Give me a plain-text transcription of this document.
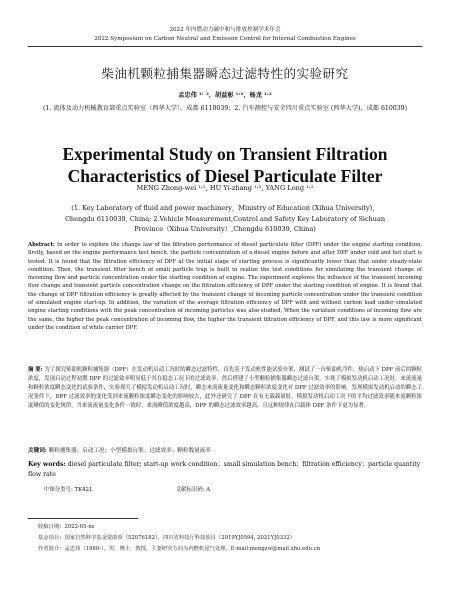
2022 年内燃动力碳中和与排放控制学术年会
2022 Symposium on Carbon Neutral and Emission Control for Internal Combustion Engines
柴油机颗粒捕集器瞬态过滤特性的实验研究
孟忠伟 ¹˒ ²，胡益彰 ¹˒²，杨龙 ¹˒²
(1. 流体及动力机械教育部重点实验室（西华大学），成都 6110039；2. 汽车测控与安全四川重点实验室 (西华大学)，成都 610039)
Experimental Study on Transient Filtration Characteristics of Diesel Particulate Filter
MENG Zhong-wei ¹˒², HU Yi-zhang ¹˒², YANG Long ¹˒²
(1. Key Laboratory of fluid and power machinery，Ministry of Education (Xihua University)，
Chengdu 6110039, China; 2.Vehicle Measurement,Control and Safety Key Laboratory of Sichuan
Province（Xihua University）,Chengdu 610039, China)
Abstract: In order to explore the change law of the filtration performance of diesel particulate filter (DPF) under the engine starting condition, firstly, based on the engine performance test bench, the particle concentration of a diesel engine before and after DPF under cold and hot start is tested. It is found that the filtration efficiency of DPF at the initial stage of starting process is significantly lower than that under steady-state condition. Then, the transient filter bench of small particle trap is built to realize the test conditions for simulating the transient change of incoming flow and particle concentration under the starting condition of engine. The experiment explores the influence of the transient incoming flow change and transient particle concentration change on the filtration efficiency of DPF under the starting condition of engine. It is found that the change of DPF filtration efficiency is greatly affected by the transient change of incoming particle concentration under the transient condition of simulated engine start-up. In addition, the variation of the average filtration efficiency of DPF with and without carbon load under simulated engine starting conditions with the peak concentration of incoming particles was also studied, When the variation conditions of incoming flow are the same, the higher the peak concentration of incoming flow, the higher the transient filtration efficiency of DPF, and this law is more significant under the condition of white carrier DPF.
摘 要: 为了探究柴油机颗粒捕集器（DPF）在发动机启动工况时的瞬态过滤特性，首先基于发动机性能试验台架，测试了一台柴油机冷件，热启动下 DPF 前后的颗粒浓度，发现启动过程初期 DPF 的过滤效率明显低于其在稳态工况下的过滤效率。然后搭建了小型颗粒捕集器瞬态过滤台架，实现了模拟发动机启动工况时，来流流量和颗粒浓度瞬态变化的试验条件，实验探究了模拟发动机启动工况时，瞬态来流流量变化和瞬态颗粒浓度变化对 DPF 过滤效率的影响。发现模拟发动机启动的瞬态工况条件下，DPF 过滤效率的变化受到来流颗粒浓度瞬态变化的影响较大，此外还研究了 DPF 在有无载载量时，模拟发动机启动工况下的平均过滤效率随来流颗粒浓度峰值的变化规律，当来流流量变化条件一致时，来流峰值浓度越高，DPF 的瞬态过滤效率越高，且这种规律在白载体 DPF 条件下更为显著。
关键词: 颗粒捕集器；启动工况；小型模拟台架；过滤效率；颗粒数量流率
Key words: diesel particulate filter; start-up work condition；small simulation bench；filtration efficiency；particle quantity flow rate
中图分类号: TK421	文献标识码: A
收稿日期：2022-05-xx
基金项目：国家自然科学基金资助项（52076182），四川省科技厅科技项目（2019YJ0594, 2021YJ0332）
作者简介：孟忠伟（1980-），男，博士，教授，主要研究方向为内燃机尾气处理。E-mail:mengzw@mail.xhu.edu.cn
